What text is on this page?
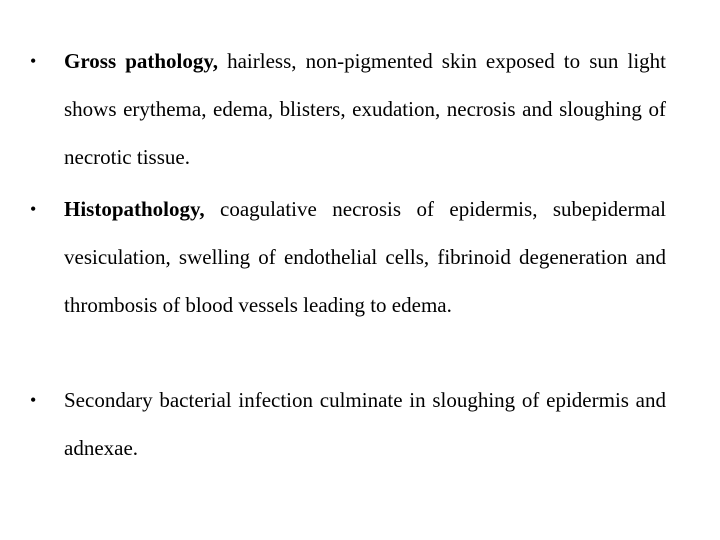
•	Gross pathology, hairless, non-pigmented skin exposed to sun light shows erythema, edema, blisters, exudation, necrosis and sloughing of necrotic tissue.
•	Histopathology, coagulative necrosis of epidermis, subepidermal vesiculation, swelling of endothelial cells, fibrinoid degeneration and thrombosis of blood vessels leading to edema.
•	Secondary bacterial infection culminate in sloughing of epidermis and adnexae.
